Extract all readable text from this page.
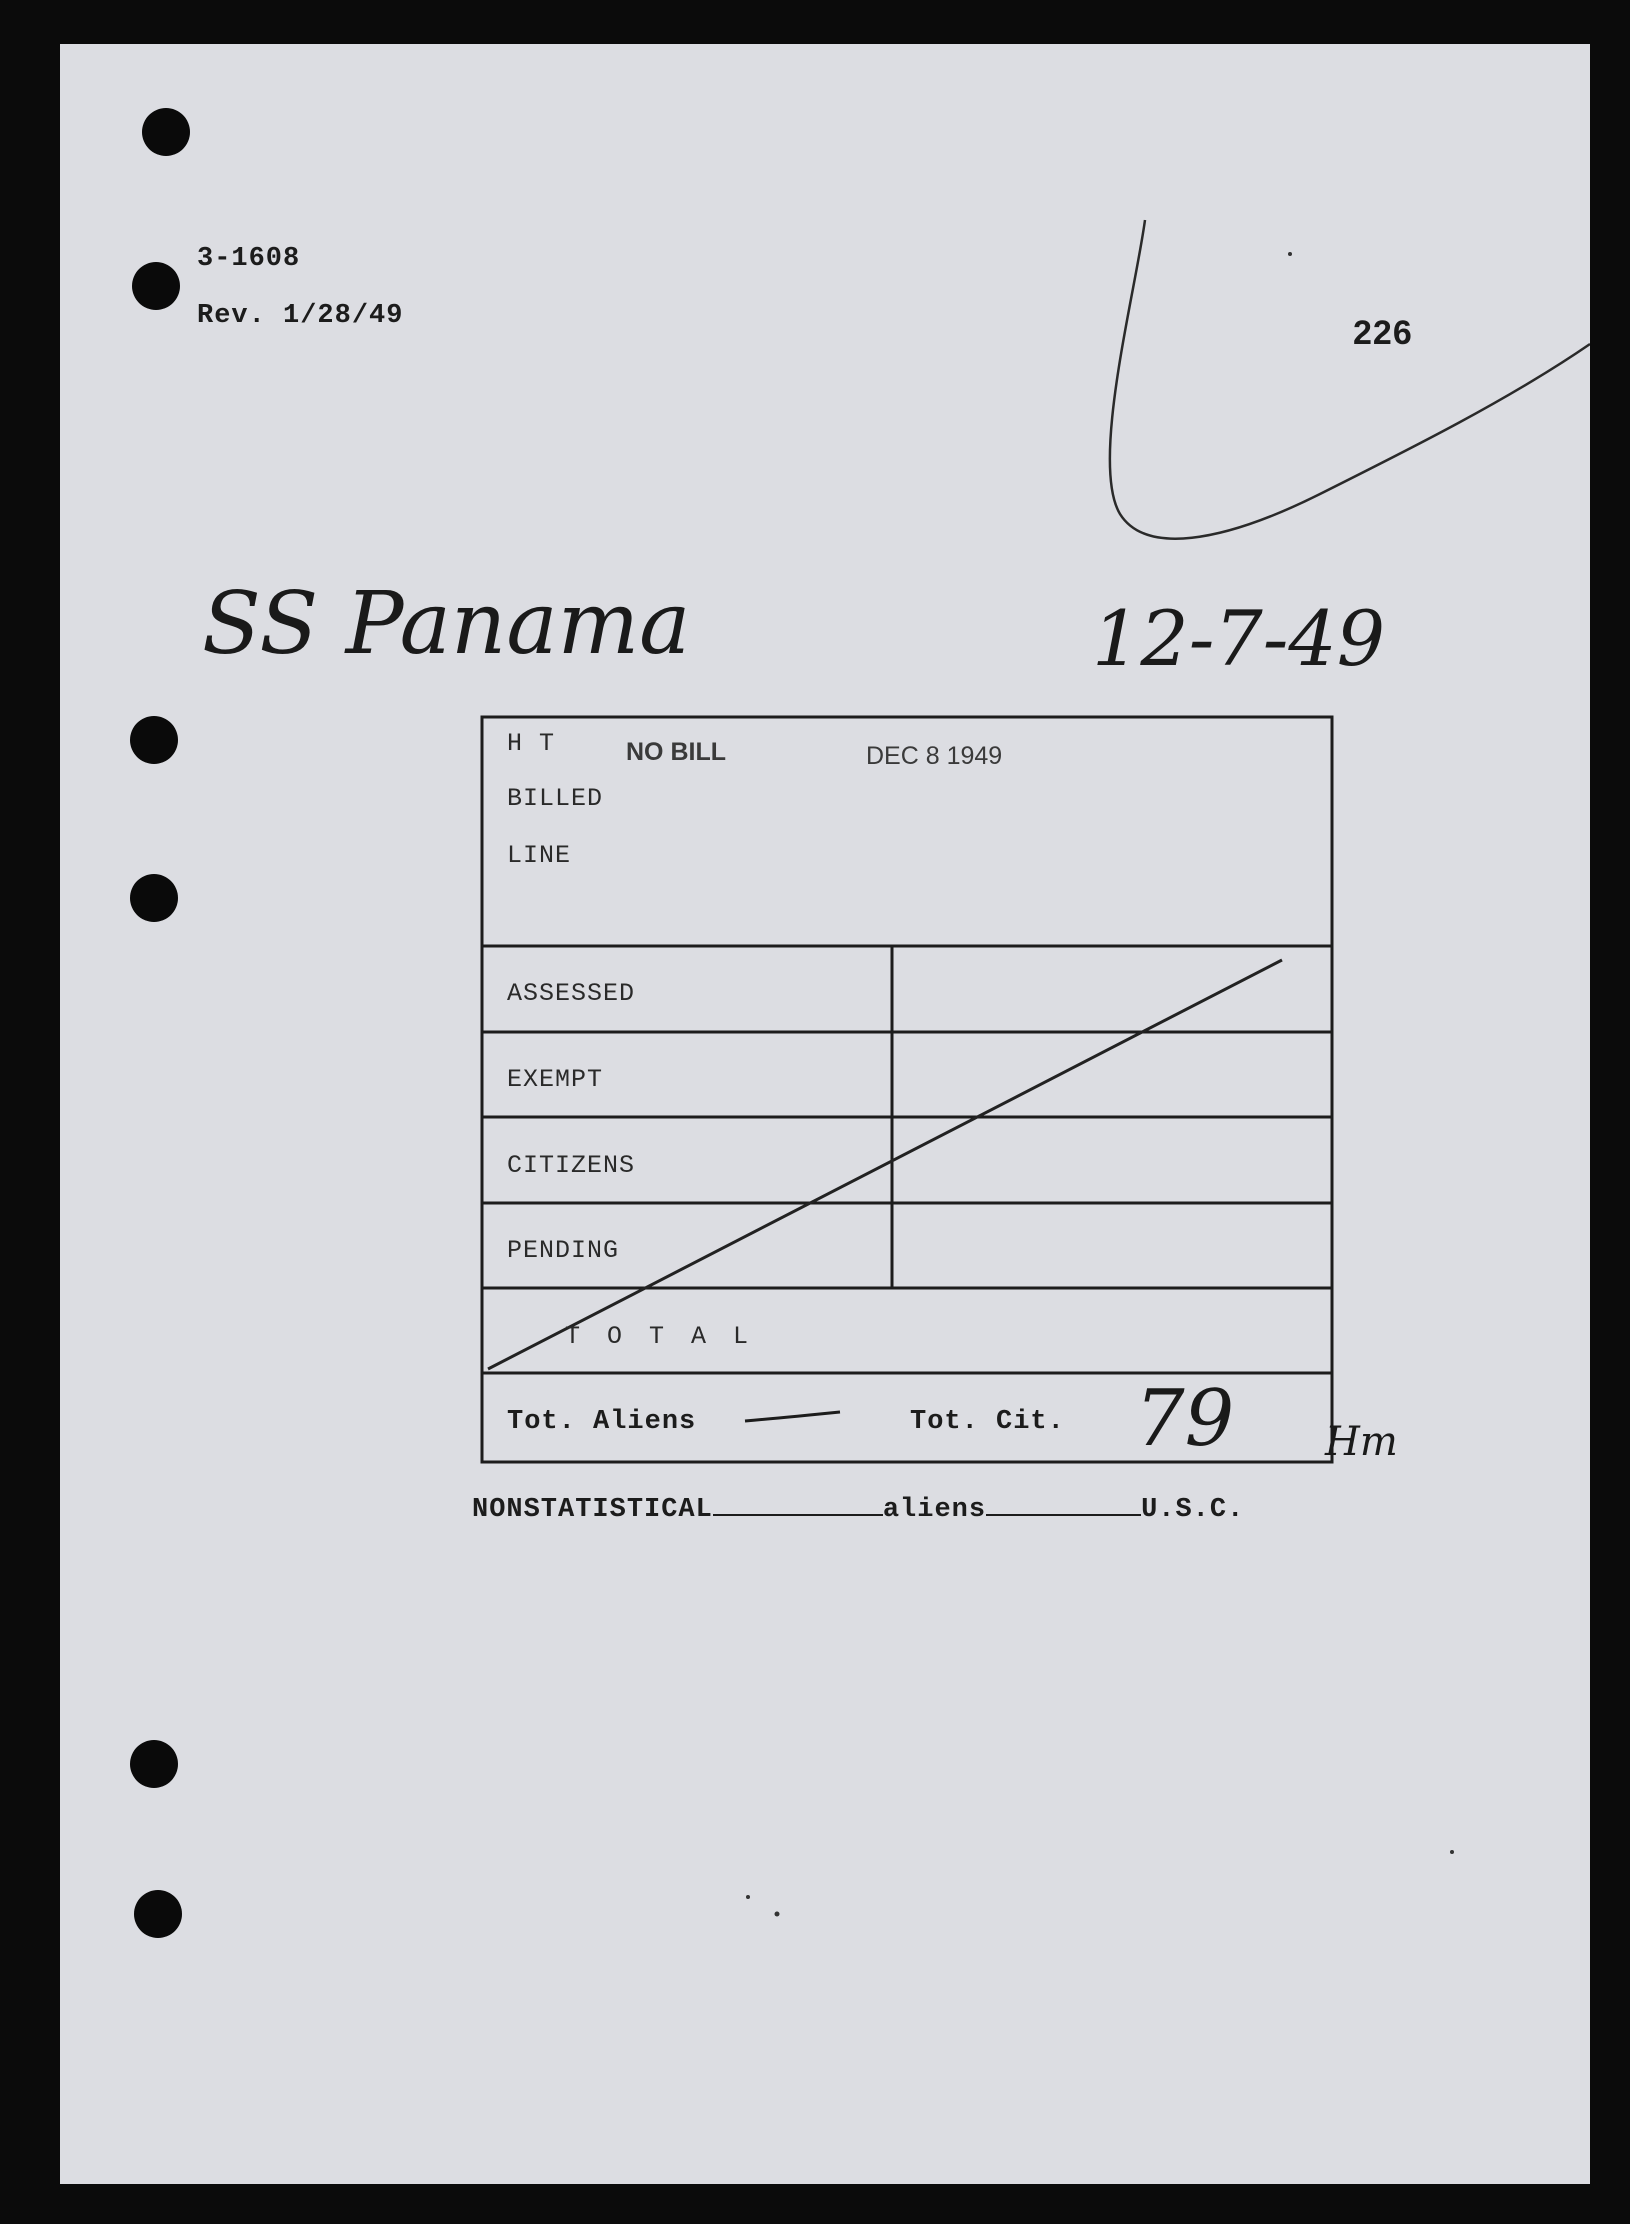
3-1608
Rev. 1/28/49	226
SS Panama	12-7-49
H T	NO BILL	DEC 8 1949
BILLED
LINE
ASSESSED
EXEMPT
CITIZENS
PENDING
T O T A L
Tot. Aliens	Tot. Cit. 79 Hm
NONSTATISTICAL	aliens	U.S.C.
